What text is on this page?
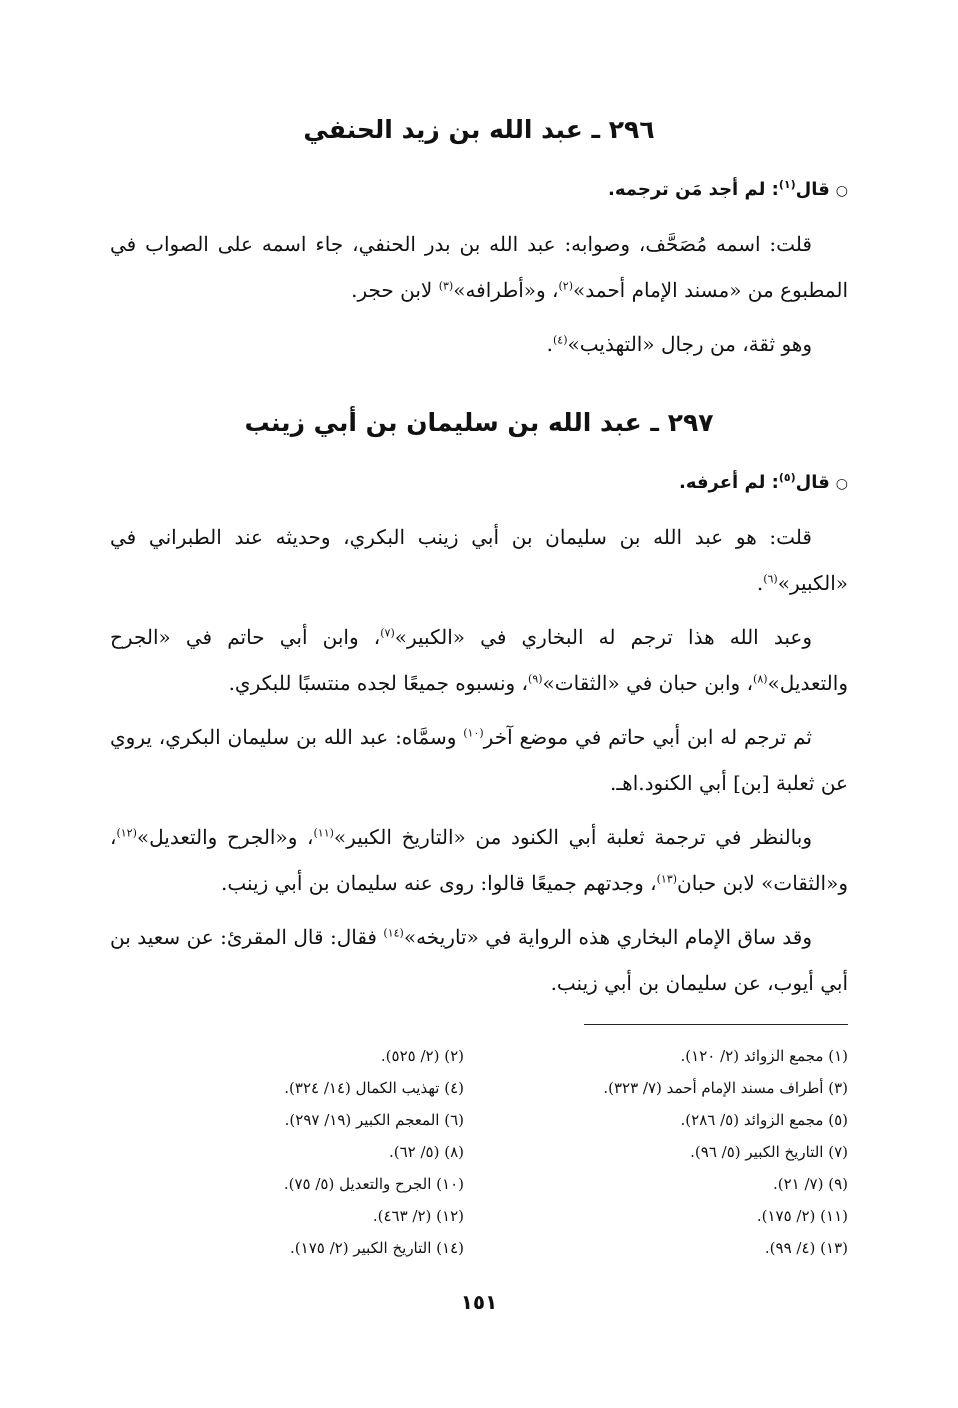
٢٩٦ ـ عبد الله بن زيد الحنفي
○قال$^{(١)}$: لم أجد مَن ترجمه.

قلت: اسمه مُصَحَّف، وصوابه: عبد الله بن بدر الحنفي، جاء اسمه على الصواب في المطبوع من «مسند الإمام أحمد»$^{(٢)}$، و«أطرافه»$^{(٣)}$ لابن حجر.

وهو ثقة، من رجال «التهذيب»$^{(٤)}$.

٢٩٧ ـ عبد الله بن سليمان بن أبي زينب
○قال$^{(٥)}$: لم أعرفه.

قلت: هو عبد الله بن سليمان بن أبي زينب البكري، وحديثه عند الطبراني في «الكبير»$^{(٦)}$.

وعبد الله هذا ترجم له البخاري في «الكبير»$^{(٧)}$، وابن أبي حاتم في «الجرح والتعديل»$^{(٨)}$، وابن حبان في «الثقات»$^{(٩)}$، ونسبوه جميعًا لجده منتسبًا للبكري.

ثم ترجم له ابن أبي حاتم في موضع آخر$^{(١٠)}$ وسمَّاه: عبد الله بن سليمان البكري، يروي عن ثعلبة [بن] أبي الكنود.اهـ.

وبالنظر في ترجمة ثعلبة أبي الكنود من «التاريخ الكبير»$^{(١١)}$، و«الجرح والتعديل»$^{(١٢)}$، و«الثقات» لابن حبان$^{(١٣)}$، وجدتهم جميعًا قالوا: روى عنه سليمان بن أبي زينب.

وقد ساق الإمام البخاري هذه الرواية في «تاريخه»$^{(١٤)}$ فقال: قال المقرئ: عن سعيد بن أبي أيوب، عن سليمان بن أبي زينب.

(١) مجمع الزوائد (٢/ ١٢٠).
(٢) (٢/ ٥٢٥).
(٣) أطراف مسند الإمام أحمد (٧/ ٣٢٣).
(٤) تهذيب الكمال (١٤/ ٣٢٤).
(٥) مجمع الزوائد (٥/ ٢٨٦).
(٦) المعجم الكبير (١٩/ ٢٩٧).
(٧) التاريخ الكبير (٥/ ٩٦).
(٨) (٥/ ٦٢).
(٩) (٧/ ٢١).
(١٠) الجرح والتعديل (٥/ ٧٥).
(١١) (٢/ ١٧٥).
(١٢) (٢/ ٤٦٣).
(١٣) (٤/ ٩٩).
(١٤) التاريخ الكبير (٢/ ١٧٥).
١٥١
